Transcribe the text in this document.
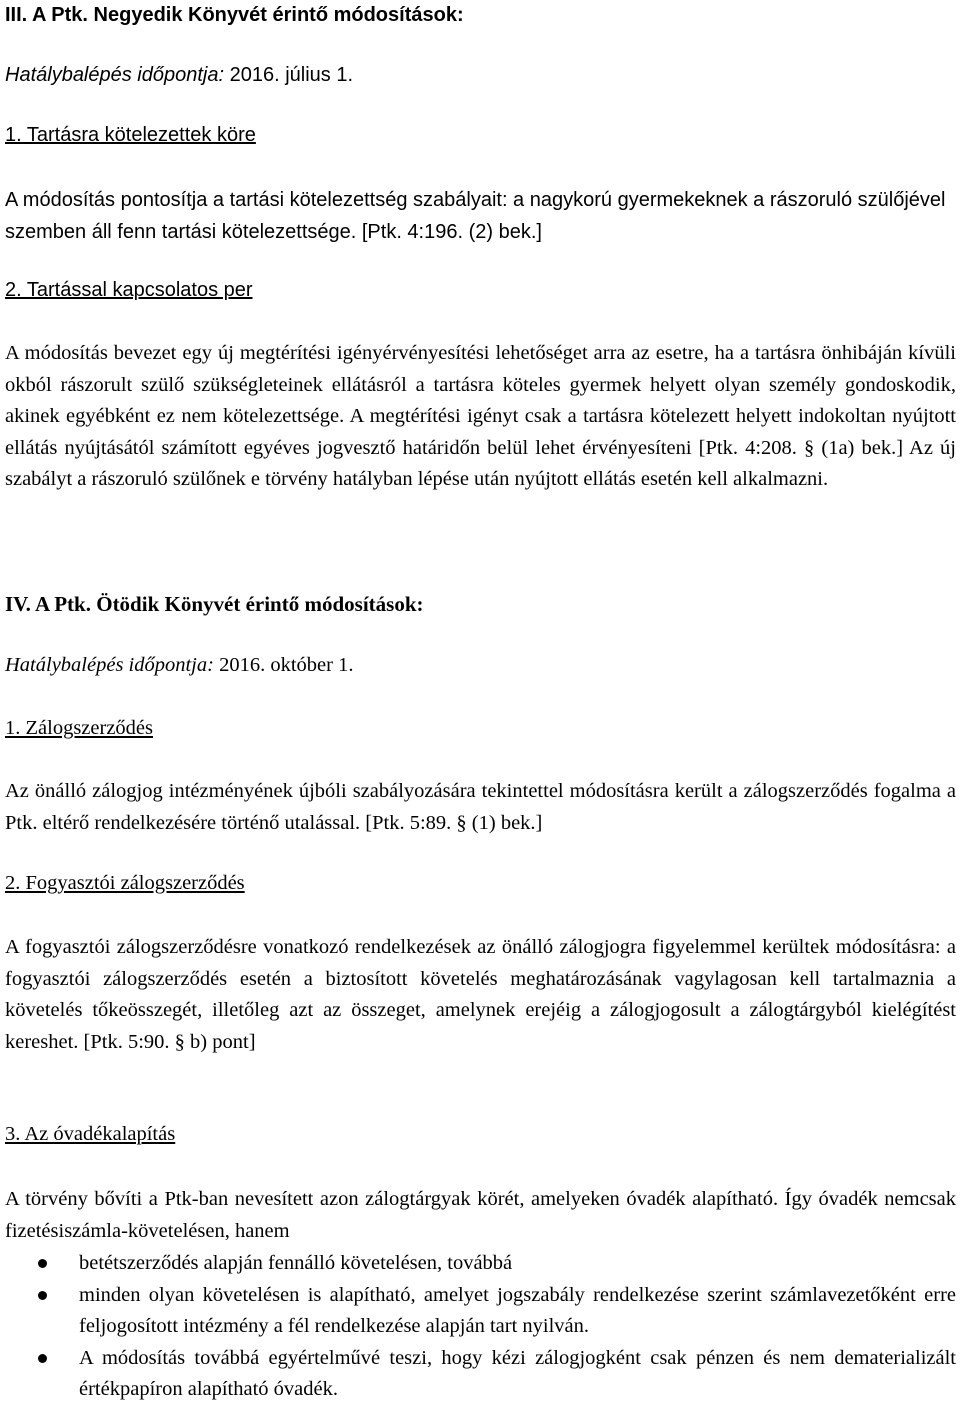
III. A Ptk. Negyedik Könyvét érintő módosítások:

Hatálybalépés időpontja: 2016. július 1.

1. Tartásra kötelezettek köre

A módosítás pontosítja a tartási kötelezettség szabályait: a nagykorú gyermekeknek a rászoruló szülőjével szemben áll fenn tartási kötelezettsége. [Ptk. 4:196. (2) bek.]

2. Tartással kapcsolatos per

A módosítás bevezet egy új megtérítési igényérvényesítési lehetőséget arra az esetre, ha a tartásra önhibáján kívüli okból rászorult szülő szükségleteinek ellátásról a tartásra köteles gyermek helyett olyan személy gondoskodik, akinek egyébként ez nem kötelezettsége. A megtérítési igényt csak a tartásra kötelezett helyett indokoltan nyújtott ellátás nyújtásától számított egyéves jogvesztő határidőn belül lehet érvényesíteni [Ptk. 4:208. § (1a) bek.] Az új szabályt a rászoruló szülőnek e törvény hatályban lépése után nyújtott ellátás esetén kell alkalmazni.

IV. A Ptk. Ötödik Könyvét érintő módosítások:

Hatálybalépés időpontja: 2016. október 1.

1. Zálogszerződés

Az önálló zálogjog intézményének újbóli szabályozására tekintettel módosításra került a zálogszerződés fogalma a Ptk. eltérő rendelkezésére történő utalással. [Ptk. 5:89. § (1) bek.]

2. Fogyasztói zálogszerződés

A fogyasztói zálogszerződésre vonatkozó rendelkezések az önálló zálogjogra figyelemmel kerültek módosításra: a fogyasztói zálogszerződés esetén a biztosított követelés meghatározásának vagylagosan kell tartalmaznia a követelés tőkeösszegét, illetőleg azt az összeget, amelynek erejéig a zálogjogosult a zálogtárgyból kielégítést kereshet. [Ptk. 5:90. § b) pont]

3. Az óvadékalapítás

A törvény bővíti a Ptk-ban nevesített azon zálogtárgyak körét, amelyeken óvadék alapítható. Így óvadék nemcsak fizetésiszámla-követelésen, hanem

betétszerződés alapján fennálló követelésen, továbbá
minden olyan követelésen is alapítható, amelyet jogszabály rendelkezése szerint számlavezetőként erre feljogosított intézmény a fél rendelkezése alapján tart nyilván.
A módosítás továbbá egyértelművé teszi, hogy kézi zálogjogként csak pénzen és nem dematerializált értékpapíron alapítható óvadék.
